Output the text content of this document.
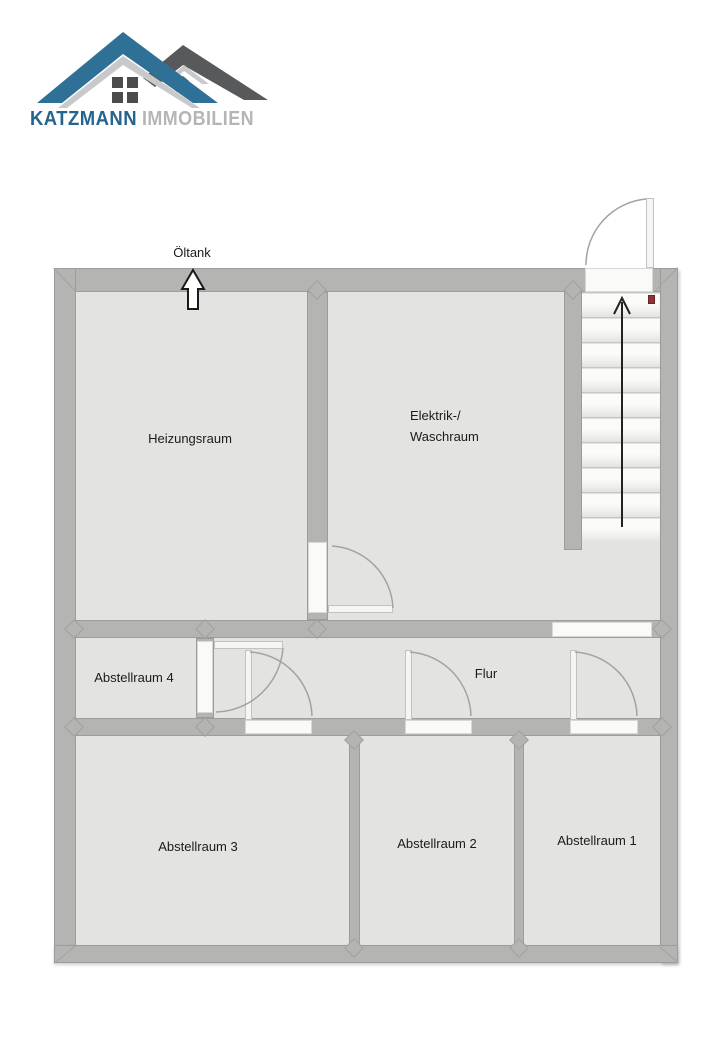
KATZMANN IMMOBILIEN
Öltank
Heizungsraum
Elektrik-/
Waschraum
Abstellraum 4	Flur
Abstellraum 3	Abstellraum 2	Abstellraum 1
